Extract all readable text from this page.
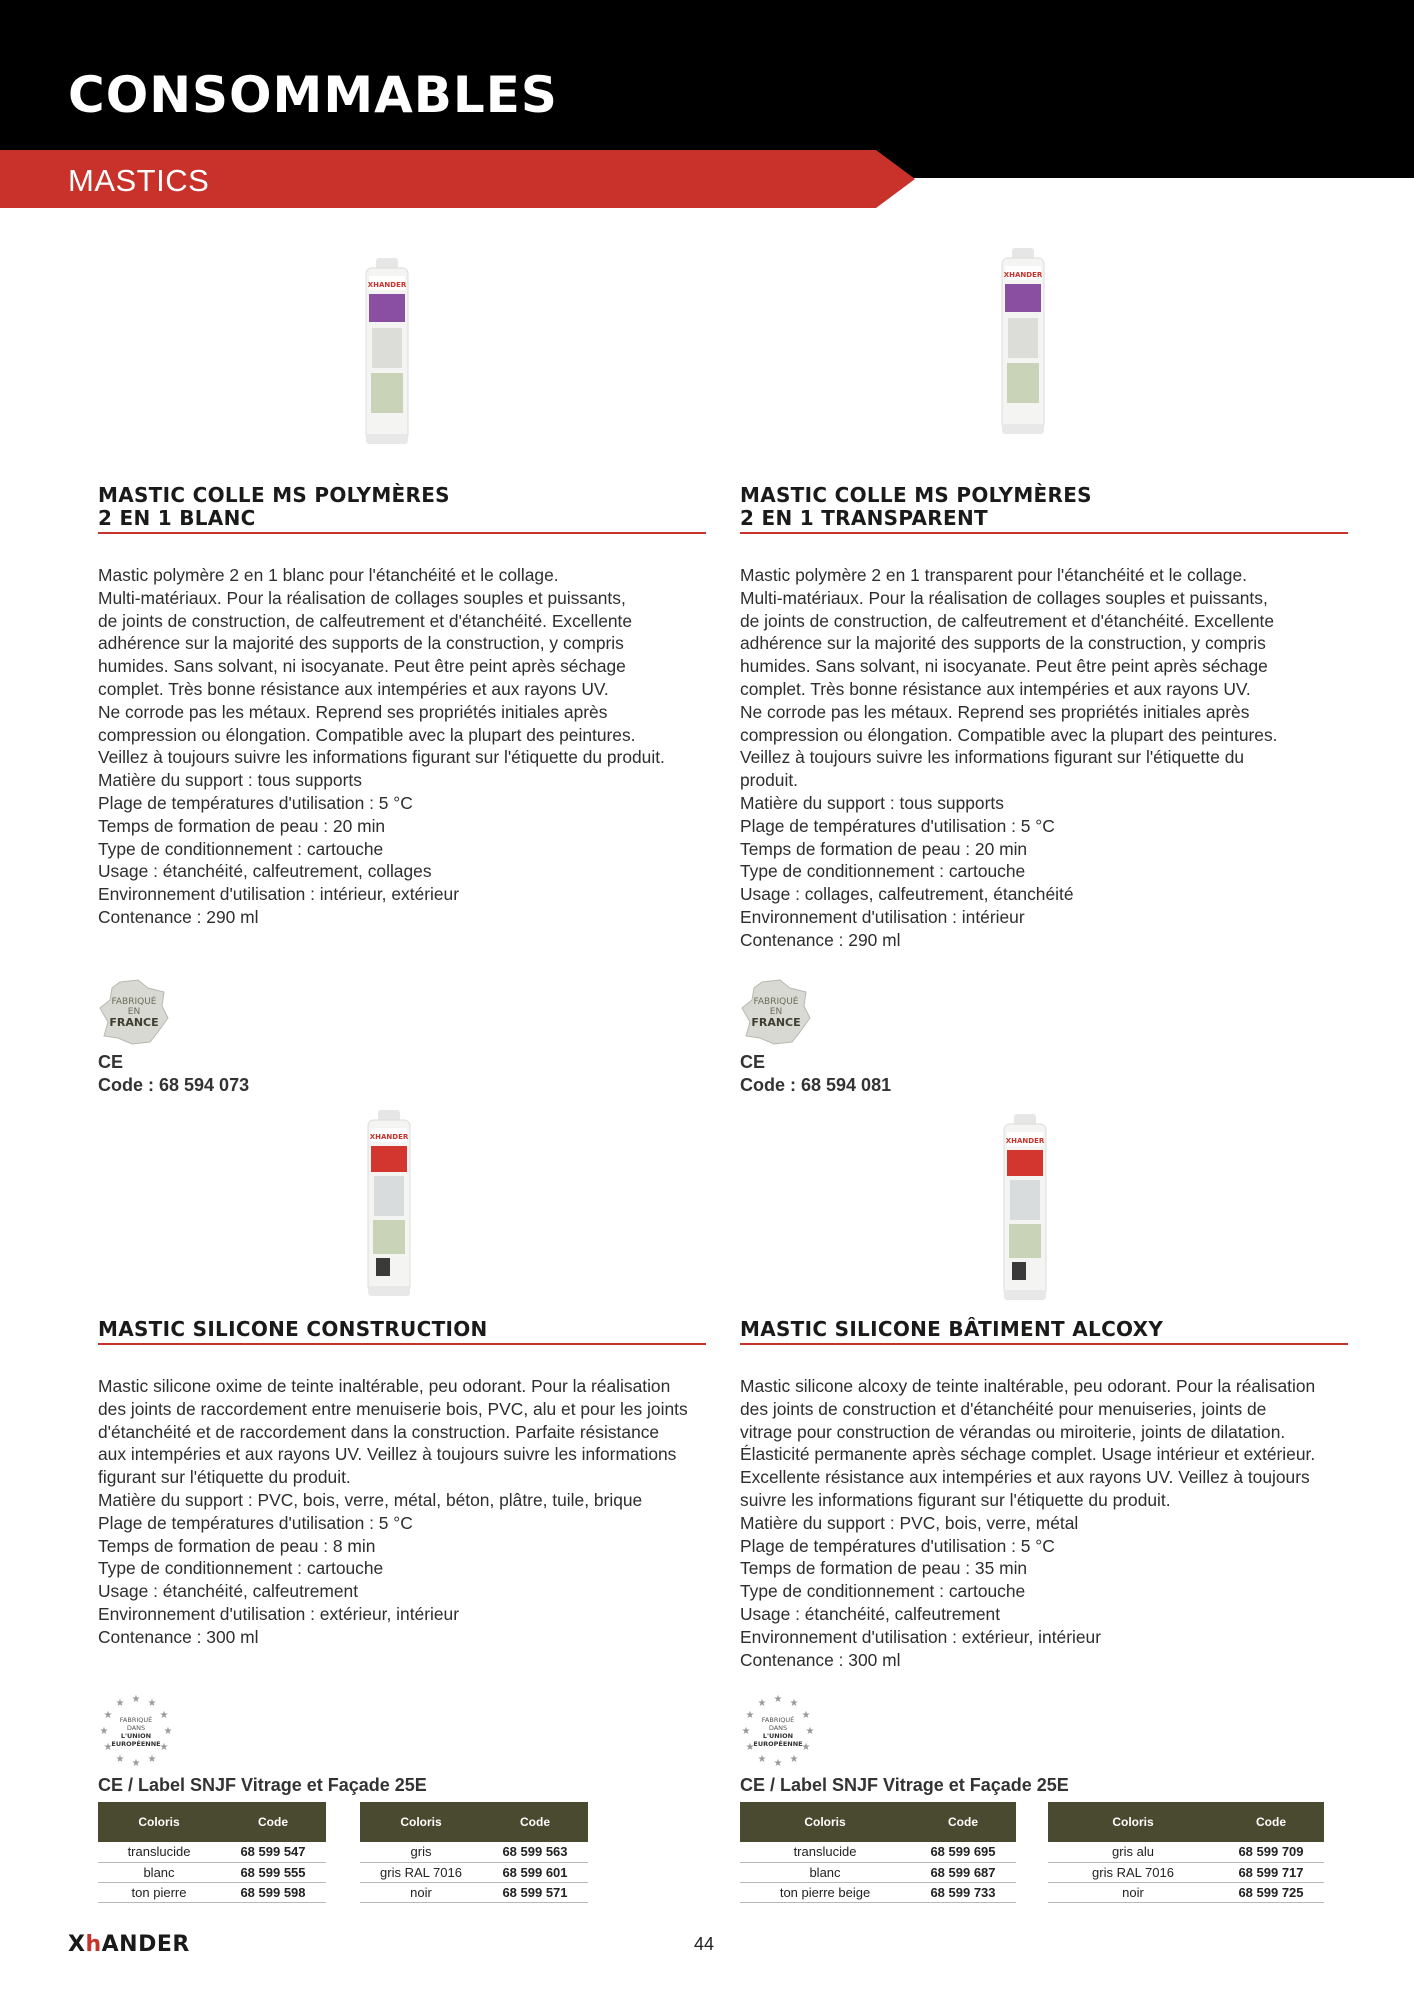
CONSOMMABLES
MASTICS
XHANDER
MASTIC COLLE MS POLYMÈRES
2 EN 1 BLANC

Mastic polymère 2 en 1 blanc pour l'étanchéité et le collage.

Multi-matériaux. Pour la réalisation de collages souples et puissants,

de joints de construction, de calfeutrement et d'étanchéité. Excellente

adhérence sur la majorité des supports de la construction, y compris

humides. Sans solvant, ni isocyanate. Peut être peint après séchage

complet. Très bonne résistance aux intempéries et aux rayons UV.

Ne corrode pas les métaux. Reprend ses propriétés initiales après

compression ou élongation. Compatible avec la plupart des peintures.

Veillez à toujours suivre les informations figurant sur l'étiquette du produit.

Matière du support : tous supports

Plage de températures d'utilisation : 5 °C

Temps de formation de peau : 20 min

Type de conditionnement : cartouche

Usage : étanchéité, calfeutrement, collages

Environnement d'utilisation : intérieur, extérieur

Contenance : 290 ml

FABRIQUÉ
EN
FRANCE
CE
Code : 68 594 073
XHANDER
MASTIC COLLE MS POLYMÈRES
2 EN 1 TRANSPARENT

Mastic polymère 2 en 1 transparent pour l'étanchéité et le collage.

Multi-matériaux. Pour la réalisation de collages souples et puissants,

de joints de construction, de calfeutrement et d'étanchéité. Excellente

adhérence sur la majorité des supports de la construction, y compris

humides. Sans solvant, ni isocyanate. Peut être peint après séchage

complet. Très bonne résistance aux intempéries et aux rayons UV.

Ne corrode pas les métaux. Reprend ses propriétés initiales après

compression ou élongation. Compatible avec la plupart des peintures.

Veillez à toujours suivre les informations figurant sur l'étiquette du

produit.

Matière du support : tous supports

Plage de températures d'utilisation : 5 °C

Temps de formation de peau : 20 min

Type de conditionnement : cartouche

Usage : collages, calfeutrement, étanchéité

Environnement d'utilisation : intérieur

Contenance : 290 ml

FABRIQUÉ
EN
FRANCE
CE
Code : 68 594 081
XHANDER
MASTIC SILICONE CONSTRUCTION

Mastic silicone oxime de teinte inaltérable, peu odorant. Pour la réalisation

des joints de raccordement entre menuiserie bois, PVC, alu et pour les joints

d'étanchéité et de raccordement dans la construction. Parfaite résistance

aux intempéries et aux rayons UV. Veillez à toujours suivre les informations

figurant sur l'étiquette du produit.

Matière du support : PVC, bois, verre, métal, béton, plâtre, tuile, brique

Plage de températures d'utilisation : 5 °C

Temps de formation de peau : 8 min

Type de conditionnement : cartouche

Usage : étanchéité, calfeutrement

Environnement d'utilisation : extérieur, intérieur

Contenance : 300 ml

★ ★
★
★
★
★
★
★
★
★
★
★
FABRIQUÉ
DANS
L'UNION
EUROPÉENNE
CE / Label SNJF Vitrage et Façade 25E
Coloris	Code
translucide	68 599 547
blanc	68 599 555
ton pierre	68 599 598
Coloris	Code
gris	68 599 563
gris RAL 7016	68 599 601
noir	68 599 571
XHANDER
MASTIC SILICONE BÂTIMENT ALCOXY

Mastic silicone alcoxy de teinte inaltérable, peu odorant. Pour la réalisation

des joints de construction et d'étanchéité pour menuiseries, joints de

vitrage pour construction de vérandas ou miroiterie, joints de dilatation.

Élasticité permanente après séchage complet. Usage intérieur et extérieur.

Excellente résistance aux intempéries et aux rayons UV. Veillez à toujours

suivre les informations figurant sur l'étiquette du produit.

Matière du support : PVC, bois, verre, métal

Plage de températures d'utilisation : 5 °C

Temps de formation de peau : 35 min

Type de conditionnement : cartouche

Usage : étanchéité, calfeutrement

Environnement d'utilisation : extérieur, intérieur

Contenance : 300 ml

★ ★
★
★
★
★
★
★
★
★
★
★
FABRIQUÉ
DANS
L'UNION
EUROPÉENNE
CE / Label SNJF Vitrage et Façade 25E
Coloris	Code
translucide	68 599 695
blanc	68 599 687
ton pierre beige	68 599 733
Coloris	Code
gris alu	68 599 709
gris RAL 7016	68 599 717
noir	68 599 725
XhANDER	44
